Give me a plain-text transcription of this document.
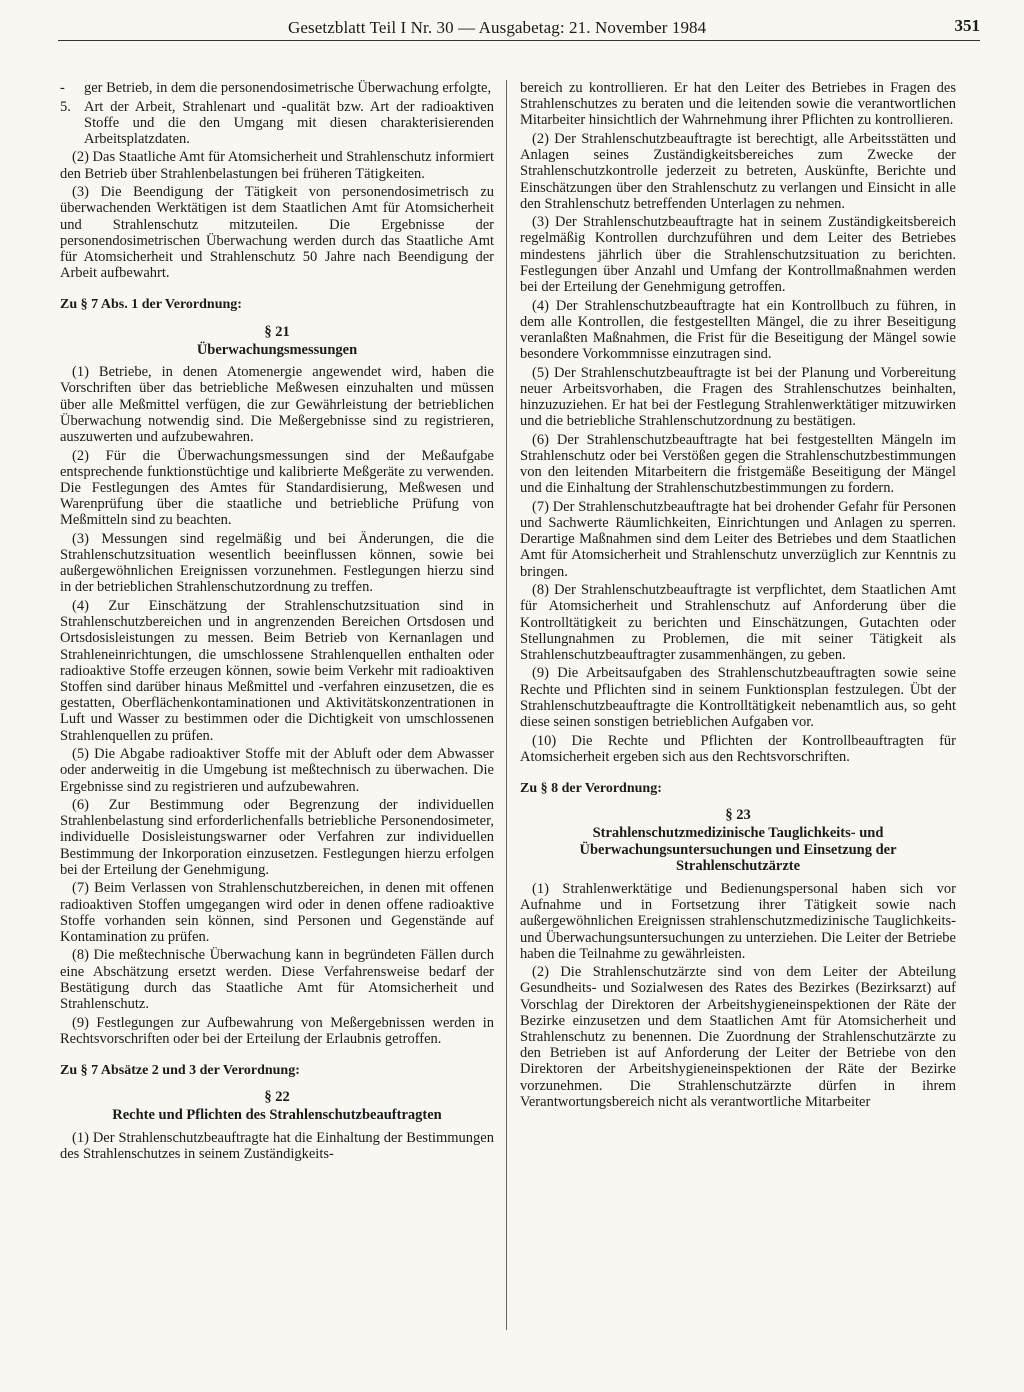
Gesetzblatt Teil I Nr. 30 — Ausgabetag: 21. November 1984	351

‐ ger Betrieb, in dem die personendosimetrische Überwachung erfolgte,

5. Art der Arbeit, Strahlenart und -qualität bzw. Art der radioaktiven Stoffe und die den Umgang mit diesen charakterisierenden Arbeitsplatzdaten.

(2) Das Staatliche Amt für Atomsicherheit und Strahlenschutz informiert den Betrieb über Strahlenbelastungen bei früheren Tätigkeiten.

(3) Die Beendigung der Tätigkeit von personendosimetrisch zu überwachenden Werktätigen ist dem Staatlichen Amt für Atomsicherheit und Strahlenschutz mitzuteilen. Die Ergebnisse der personendosimetrischen Überwachung werden durch das Staatliche Amt für Atomsicherheit und Strahlenschutz 50 Jahre nach Beendigung der Arbeit aufbewahrt.

Zu § 7 Abs. 1 der Verordnung:
§ 21
Überwachungsmessungen

(1) Betriebe, in denen Atomenergie angewendet wird, haben die Vorschriften über das betriebliche Meßwesen einzuhalten und müssen über alle Meßmittel verfügen, die zur Gewährleistung der betrieblichen Überwachung notwendig sind. Die Meßergebnisse sind zu registrieren, auszuwerten und aufzubewahren.

(2) Für die Überwachungsmessungen sind der Meßaufgabe entsprechende funktionstüchtige und kalibrierte Meßgeräte zu verwenden. Die Festlegungen des Amtes für Standardisierung, Meßwesen und Warenprüfung über die staatliche und betriebliche Prüfung von Meßmitteln sind zu beachten.

(3) Messungen sind regelmäßig und bei Änderungen, die die Strahlenschutzsituation wesentlich beeinflussen können, sowie bei außergewöhnlichen Ereignissen vorzunehmen. Festlegungen hierzu sind in der betrieblichen Strahlenschutzordnung zu treffen.

(4) Zur Einschätzung der Strahlenschutzsituation sind in Strahlenschutzbereichen und in angrenzenden Bereichen Ortsdosen und Ortsdosisleistungen zu messen. Beim Betrieb von Kernanlagen und Strahleneinrichtungen, die umschlossene Strahlenquellen enthalten oder radioaktive Stoffe erzeugen können, sowie beim Verkehr mit radioaktiven Stoffen sind darüber hinaus Meßmittel und -verfahren einzusetzen, die es gestatten, Oberflächenkontaminationen und Aktivitätskonzentrationen in Luft und Wasser zu bestimmen oder die Dichtigkeit von umschlossenen Strahlenquellen zu prüfen.

(5) Die Abgabe radioaktiver Stoffe mit der Abluft oder dem Abwasser oder anderweitig in die Umgebung ist meßtechnisch zu überwachen. Die Ergebnisse sind zu registrieren und aufzubewahren.

(6) Zur Bestimmung oder Begrenzung der individuellen Strahlenbelastung sind erforderlichenfalls betriebliche Personendosimeter, individuelle Dosisleistungswarner oder Verfahren zur individuellen Bestimmung der Inkorporation einzusetzen. Festlegungen hierzu erfolgen bei der Erteilung der Genehmigung.

(7) Beim Verlassen von Strahlenschutzbereichen, in denen mit offenen radioaktiven Stoffen umgegangen wird oder in denen offene radioaktive Stoffe vorhanden sein können, sind Personen und Gegenstände auf Kontamination zu prüfen.

(8) Die meßtechnische Überwachung kann in begründeten Fällen durch eine Abschätzung ersetzt werden. Diese Verfahrensweise bedarf der Bestätigung durch das Staatliche Amt für Atomsicherheit und Strahlenschutz.

(9) Festlegungen zur Aufbewahrung von Meßergebnissen werden in Rechtsvorschriften oder bei der Erteilung der Erlaubnis getroffen.

Zu § 7 Absätze 2 und 3 der Verordnung:
§ 22
Rechte und Pflichten des Strahlenschutzbeauftragten

(1) Der Strahlenschutzbeauftragte hat die Einhaltung der Bestimmungen des Strahlenschutzes in seinem Zuständigkeits-

bereich zu kontrollieren. Er hat den Leiter des Betriebes in Fragen des Strahlenschutzes zu beraten und die leitenden sowie die verantwortlichen Mitarbeiter hinsichtlich der Wahrnehmung ihrer Pflichten zu kontrollieren.

(2) Der Strahlenschutzbeauftragte ist berechtigt, alle Arbeitsstätten und Anlagen seines Zuständigkeitsbereiches zum Zwecke der Strahlenschutzkontrolle jederzeit zu betreten, Auskünfte, Berichte und Einschätzungen über den Strahlenschutz zu verlangen und Einsicht in alle den Strahlenschutz betreffenden Unterlagen zu nehmen.

(3) Der Strahlenschutzbeauftragte hat in seinem Zuständigkeitsbereich regelmäßig Kontrollen durchzuführen und dem Leiter des Betriebes mindestens jährlich über die Strahlenschutzsituation zu berichten. Festlegungen über Anzahl und Umfang der Kontrollmaßnahmen werden bei der Erteilung der Genehmigung getroffen.

(4) Der Strahlenschutzbeauftragte hat ein Kontrollbuch zu führen, in dem alle Kontrollen, die festgestellten Mängel, die zu ihrer Beseitigung veranlaßten Maßnahmen, die Frist für die Beseitigung der Mängel sowie besondere Vorkommnisse einzutragen sind.

(5) Der Strahlenschutzbeauftragte ist bei der Planung und Vorbereitung neuer Arbeitsvorhaben, die Fragen des Strahlenschutzes beinhalten, hinzuzuziehen. Er hat bei der Festlegung Strahlenwerktätiger mitzuwirken und die betriebliche Strahlenschutzordnung zu bestätigen.

(6) Der Strahlenschutzbeauftragte hat bei festgestellten Mängeln im Strahlenschutz oder bei Verstößen gegen die Strahlenschutzbestimmungen von den leitenden Mitarbeitern die fristgemäße Beseitigung der Mängel und die Einhaltung der Strahlenschutzbestimmungen zu fordern.

(7) Der Strahlenschutzbeauftragte hat bei drohender Gefahr für Personen und Sachwerte Räumlichkeiten, Einrichtungen und Anlagen zu sperren. Derartige Maßnahmen sind dem Leiter des Betriebes und dem Staatlichen Amt für Atomsicherheit und Strahlenschutz unverzüglich zur Kenntnis zu bringen.

(8) Der Strahlenschutzbeauftragte ist verpflichtet, dem Staatlichen Amt für Atomsicherheit und Strahlenschutz auf Anforderung über die Kontrolltätigkeit zu berichten und Einschätzungen, Gutachten oder Stellungnahmen zu Problemen, die mit seiner Tätigkeit als Strahlenschutzbeauftragter zusammenhängen, zu geben.

(9) Die Arbeitsaufgaben des Strahlenschutzbeauftragten sowie seine Rechte und Pflichten sind in seinem Funktionsplan festzulegen. Übt der Strahlenschutzbeauftragte die Kontrolltätigkeit nebenamtlich aus, so geht diese seinen sonstigen betrieblichen Aufgaben vor.

(10) Die Rechte und Pflichten der Kontrollbeauftragten für Atomsicherheit ergeben sich aus den Rechtsvorschriften.

Zu § 8 der Verordnung:
§ 23
Strahlenschutzmedizinische Tauglichkeits- und Überwachungsuntersuchungen und Einsetzung der Strahlenschutzärzte

(1) Strahlenwerktätige und Bedienungspersonal haben sich vor Aufnahme und in Fortsetzung ihrer Tätigkeit sowie nach außergewöhnlichen Ereignissen strahlenschutzmedizinische Tauglichkeits- und Überwachungsuntersuchungen zu unterziehen. Die Leiter der Betriebe haben die Teilnahme zu gewährleisten.

(2) Die Strahlenschutzärzte sind von dem Leiter der Abteilung Gesundheits- und Sozialwesen des Rates des Bezirkes (Bezirksarzt) auf Vorschlag der Direktoren der Arbeitshygieneinspektionen der Räte der Bezirke einzusetzen und dem Staatlichen Amt für Atomsicherheit und Strahlenschutz zu benennen. Die Zuordnung der Strahlenschutzärzte zu den Betrieben ist auf Anforderung der Leiter der Betriebe von den Direktoren der Arbeitshygieneinspektionen der Räte der Bezirke vorzunehmen. Die Strahlenschutzärzte dürfen in ihrem Verantwortungsbereich nicht als verantwortliche Mitarbeiter
